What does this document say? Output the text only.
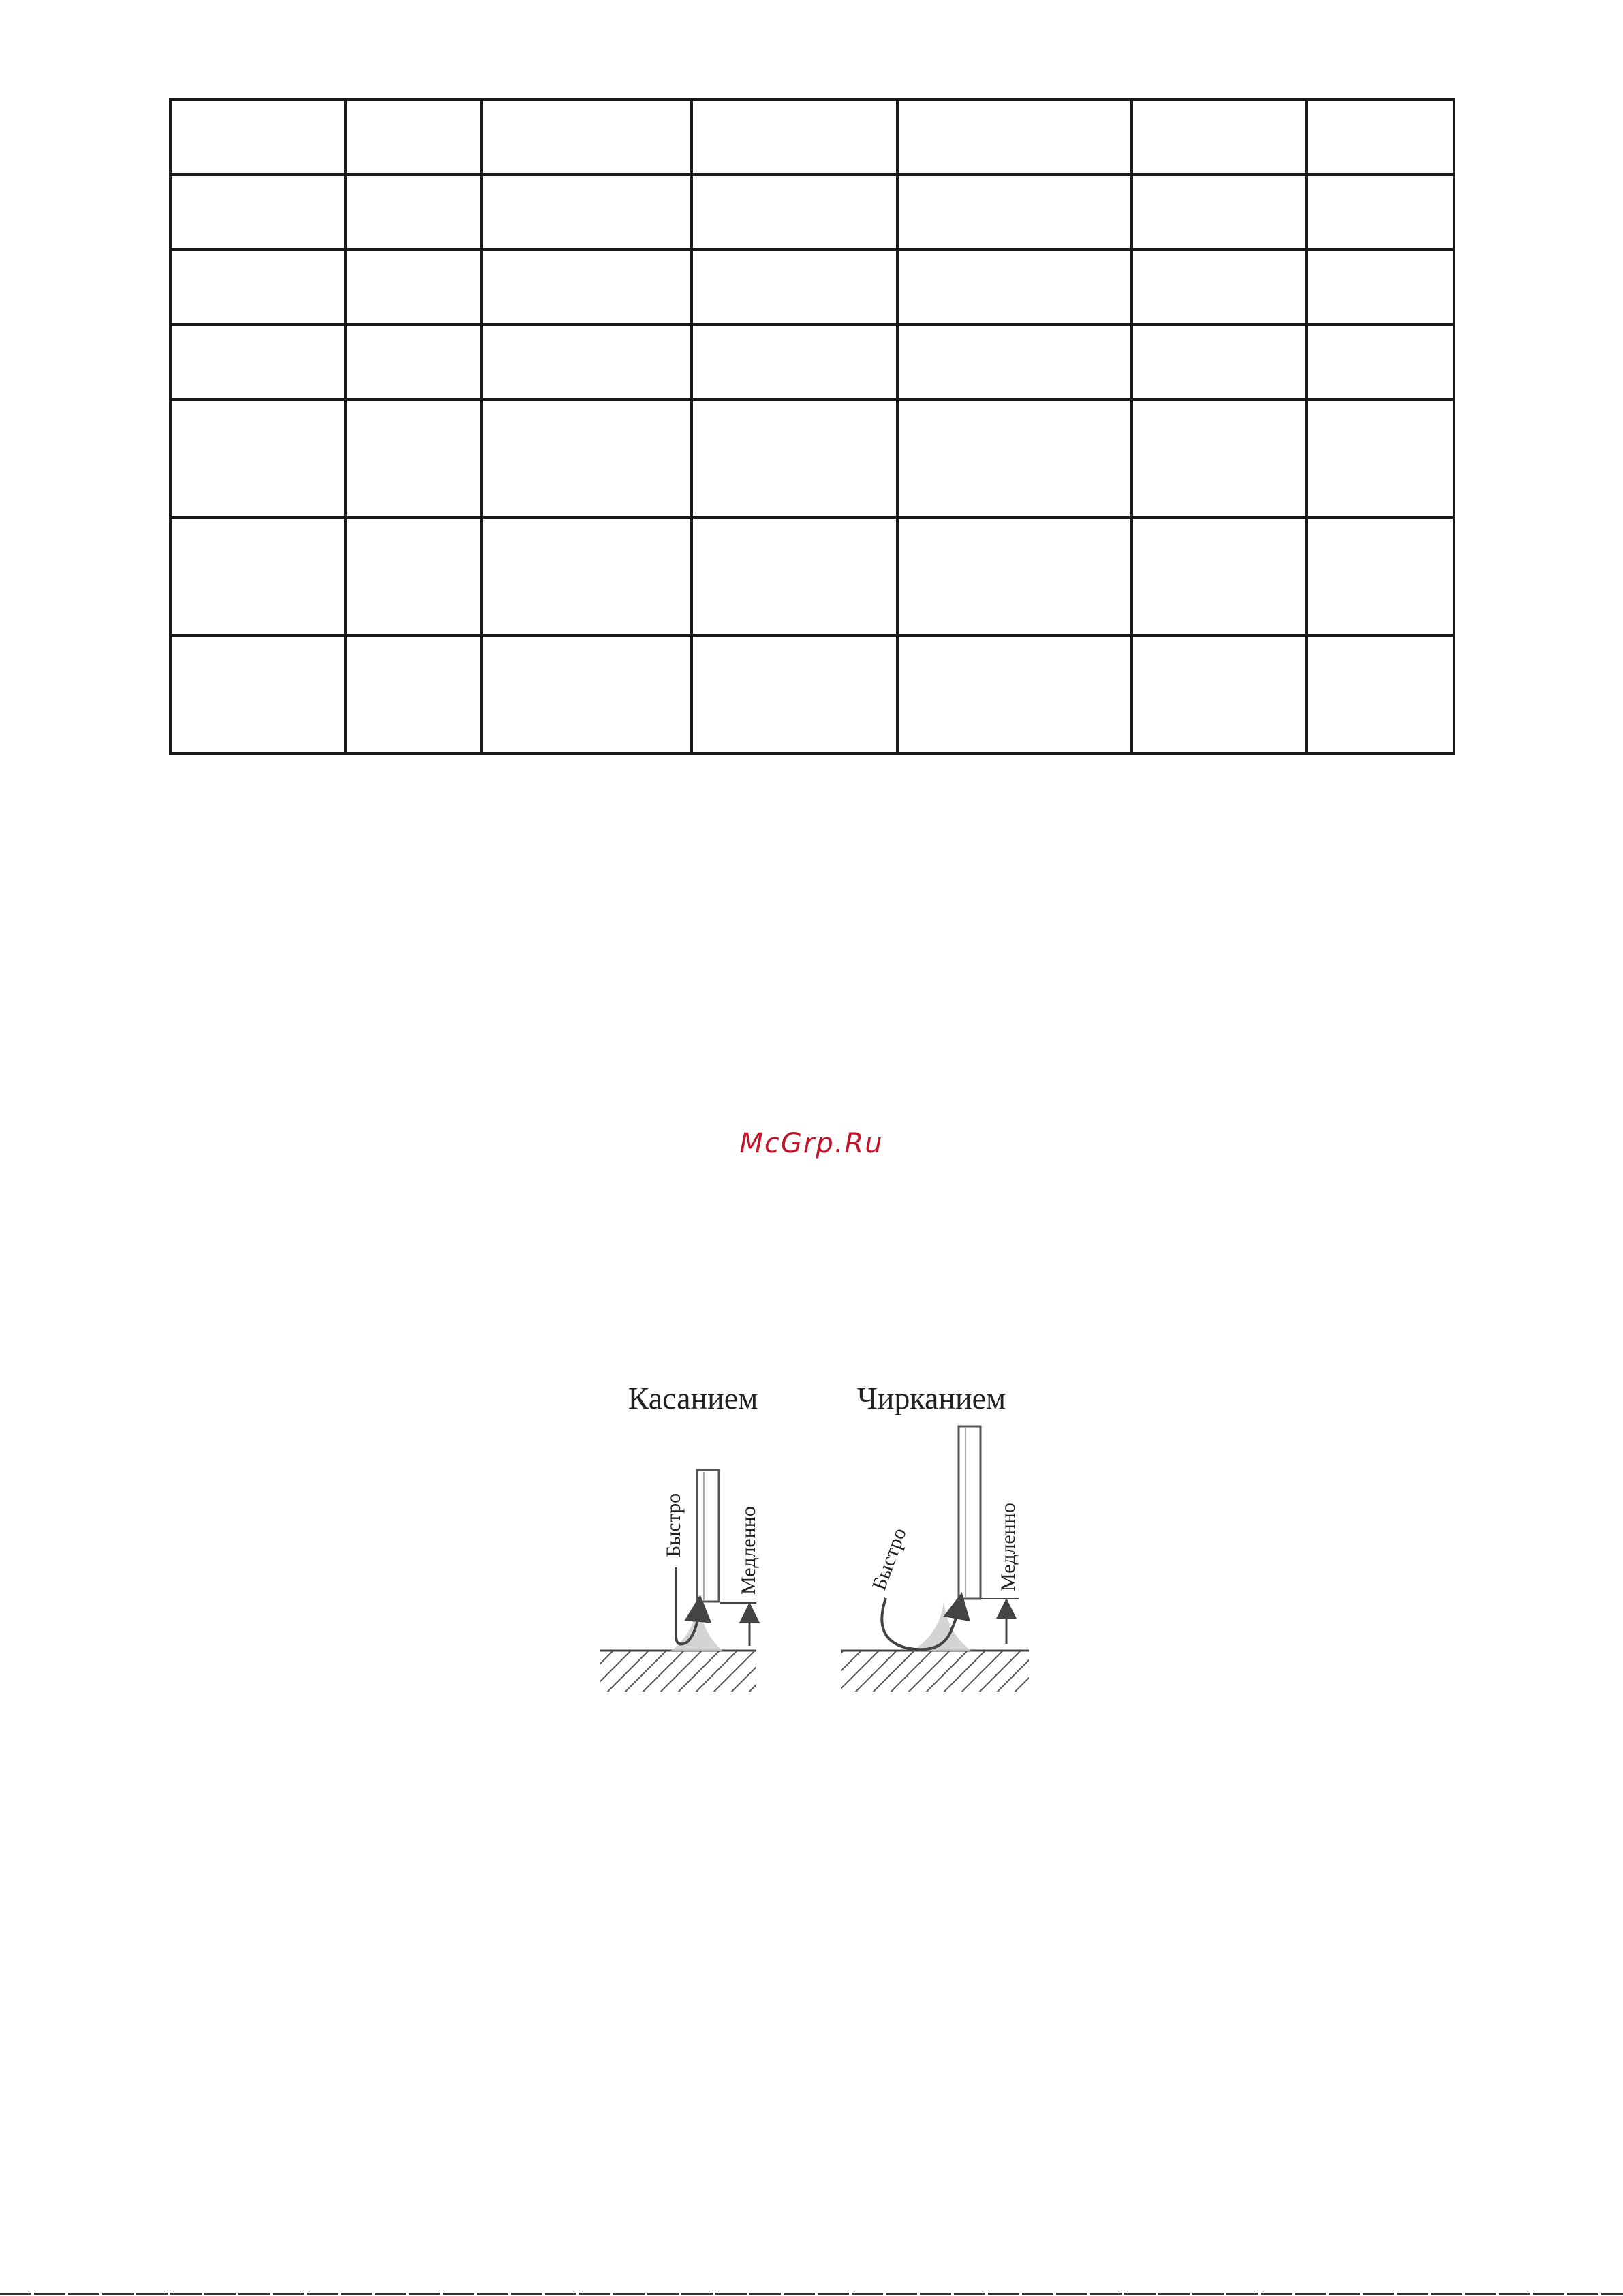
McGrp.Ru
Касанием
Быстро	Медленно
Чирканием
Быстро	Медленно
